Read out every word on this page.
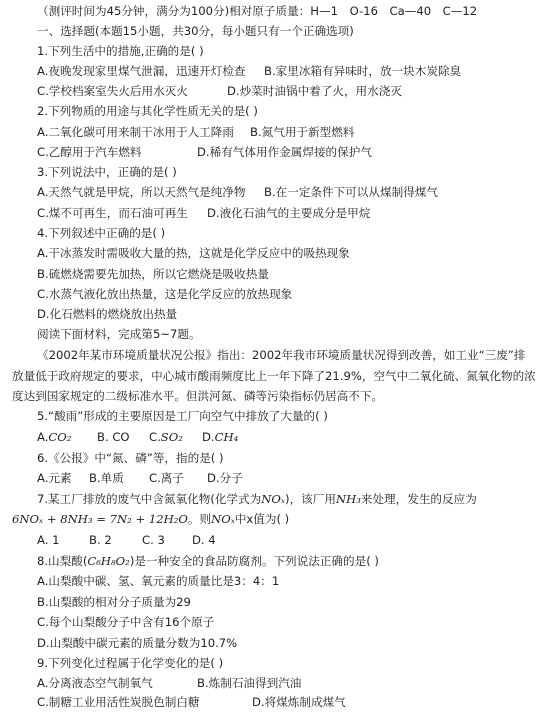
（测评时间为45分钟，满分为100分)相对原子质量：H—1　O-16　Ca—40　C—12
一、选择题(本题15小题，共30分，每小题只有一个正确选项)
1.下列生活中的措施,正确的是( )
A.夜晚发现家里煤气泄漏，迅速开灯检查 B.家里冰箱有异味时，放一块木炭除臭
C.学校档案室失火后用水灭火	D.炒菜时油锅中着了火，用水浇灭
2.下列物质的用途与其化学性质无关的是( )
A.二氧化碳可用来制干冰用于人工降雨 B.氮气用于新型燃料
C.乙醇用于汽车燃料	D.稀有气体用作金属焊接的保护气
3.下列说法中，正确的是( )
A.天然气就是甲烷，所以天然气是纯净物 B.在一定条件下可以从煤制得煤气
C.煤不可再生，而石油可再生 D.液化石油气的主要成分是甲烷
4.下列叙述中正确的是( )
A.干冰蒸发时需吸收大量的热，这就是化学反应中的吸热现象
B.硫燃烧需要先加热，所以它燃烧是吸收热量
C.水蒸气液化放出热量，这是化学反应的放热现象
D.化石燃料的燃烧放出热量
阅读下面材料，完成第5~7题。
《2002年某市环境质量状况公报》指出：2002年我市环境质量状况得到改善，如工业“三废”排
放量低于政府规定的要求，中心城市酸雨频度比上一年下降了21.9%，空气中二氧化硫、氮氧化物的浓
度达到国家规定的二级标准水平。但洪河氮、磷等污染指标仍居高不下。
5.“酸雨”形成的主要原因是工厂向空气中排放了大量的( )
A.CO₂ B. CO C.SO₂ D.CH₄
6.《公报》中“氮、磷”等，指的是( )
A.元素 B.单质 C.离子 D.分子
7.某工厂排放的废气中含氮氧化物(化学式为NOₓ)，该厂用NH₃来处理，发生的反应为
6NOₓ + 8NH₃ = 7N₂ + 12H₂O。则NOₓ中x值为( )
A. 1	B. 2	C. 3 D. 4
8.山梨酸(C₆H₈O₂)是一种安全的食品防腐剂。下列说法正确的是( )
A.山梨酸中碳、氢、氧元素的质量比是3：4：1
B.山梨酸的相对分子质量为29
C.每个山梨酸分子中含有16个原子
D.山梨酸中碳元素的质量分数为10.7%
9.下列变化过程属于化学变化的是( )
A.分离液态空气制氧气	B.炼制石油得到汽油
C.制糖工业用活性炭脱色制白糖	D.将煤炼制成煤气
